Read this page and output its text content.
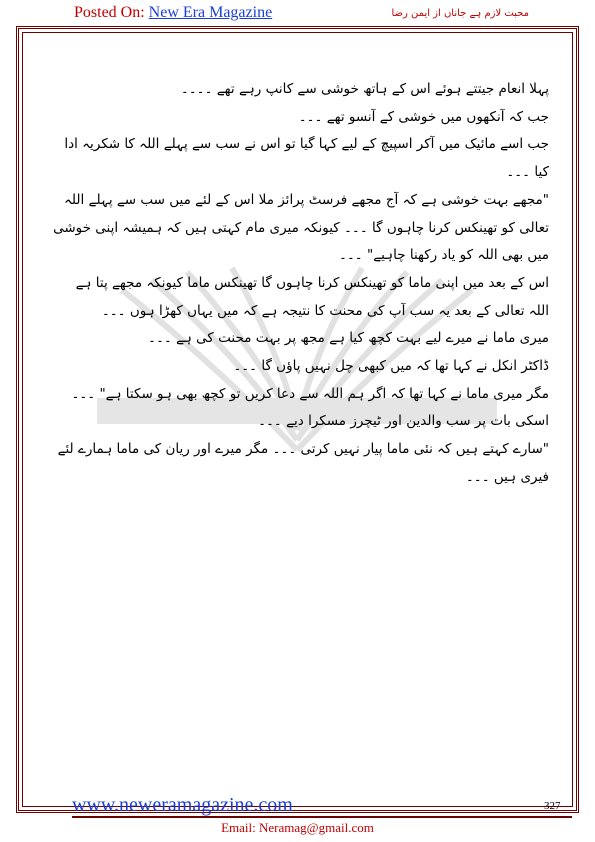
Posted On: New Era Magazine	محبت لازم ہے جاناں از ایمن رضا

پہلا انعام جیتتے ہوئے اس کے ہاتھ خوشی سے کانپ رہے تھے ۔۔۔۔

جب کہ آنکھوں میں خوشی کے آنسو تھے ۔۔۔

جب اسے مائیک میں آکر اسپیچ کے لیے کہا گیا تو اس نے سب سے پہلے اللہ کا شکریہ ادا کیا ۔۔۔

"مجھے بہت خوشی ہے کہ آج مجھے فرسٹ پرائز ملا اس کے لئے میں سب سے پہلے اللہ تعالی کو تھینکس کرنا چاہوں گا ۔۔۔ کیونکہ میری مام کہتی ہیں کہ ہمیشہ اپنی خوشی میں بھی اللہ کو یاد رکھنا چاہیے" ۔۔۔

اس کے بعد میں اپنی ماما کو تھینکس کرنا چاہوں گا تھینکس ماما کیونکہ مجھے پتا ہے اللہ تعالی کے بعد یہ سب آپ کی محنت کا نتیجہ ہے کہ میں یہاں کھڑا ہوں ۔۔۔

میری ماما نے میرے لیے بہت کچھ کیا ہے مجھ پر بہت محنت کی ہے ۔۔۔

ڈاکٹر انکل نے کہا تھا کہ میں کبھی چل نہیں پاؤں گا ۔۔۔

مگر میری ماما نے کہا تھا کہ اگر ہم اللہ سے دعا کریں تو کچھ بھی ہو سکتا ہے" ۔۔۔

اسکی بات پر سب والدین اور ٹیچرز مسکرا دیے ۔۔۔

"سارے کہتے ہیں کہ نئی ماما پیار نہیں کرتی ۔۔۔ مگر میرے اور ریان کی ماما ہمارے لئے فیری ہیں ۔۔۔

www.neweramagazine.com	327
Email: Neramag@gmail.com
